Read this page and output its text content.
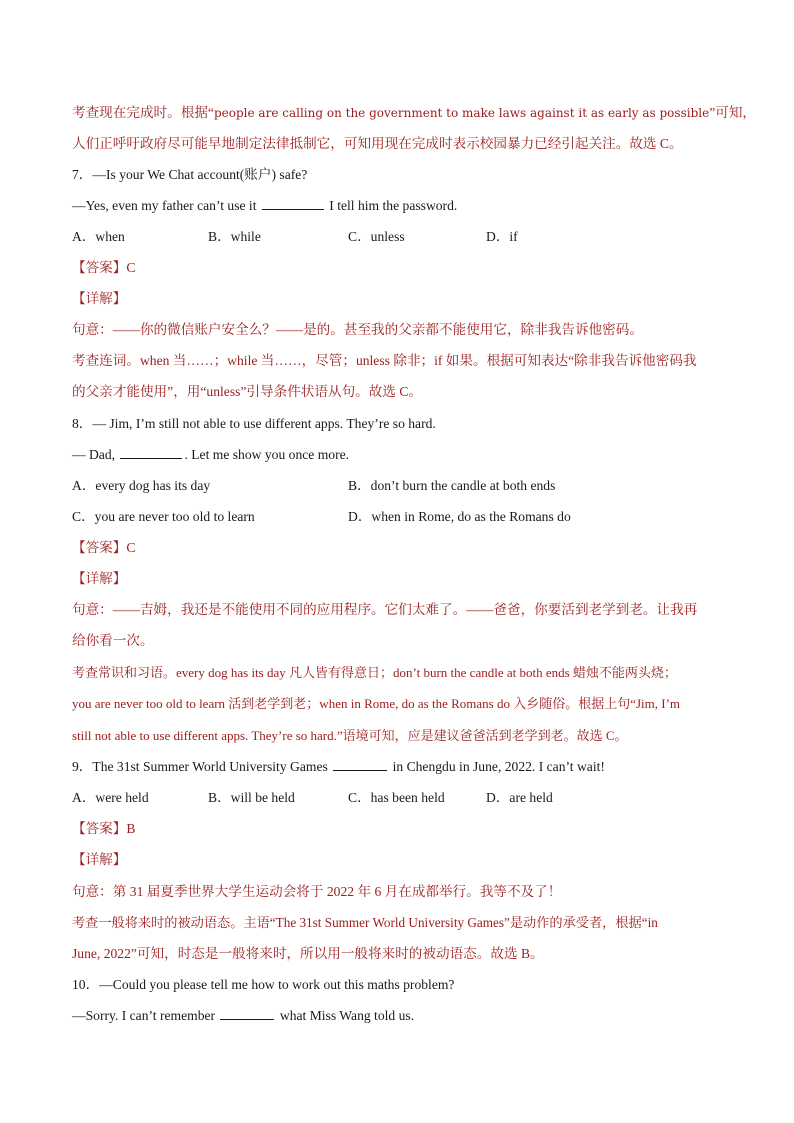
考查现在完成时。根据“people are calling on the government to make laws against it as early as possible”可知，
人们正呼吁政府尽可能早地制定法律抵制它，可知用现在完成时表示校园暴力已经引起关注。故选 C。
7．—Is your We Chat account(账户) safe?
—Yes, even my father can’t use it	I tell him the password.
A．when	B．while	C．unless	D．if
【答案】C
【详解】
句意：——你的微信账户安全么？——是的。甚至我的父亲都不能使用它，除非我告诉他密码。
考查连词。when 当……；while 当……，尽管；unless 除非；if 如果。根据可知表达“除非我告诉他密码我
的父亲才能使用”，用“unless”引导条件状语从句。故选 C。
8．— Jim, I’m still not able to use different apps. They’re so hard.
— Dad,	. Let me show you once more.
A．every dog has its day	B．don’t burn the candle at both ends
C．you are never too old to learn	D．when in Rome, do as the Romans do
【答案】C
【详解】
句意：——吉姆，我还是不能使用不同的应用程序。它们太难了。——爸爸，你要活到老学到老。让我再
给你看一次。
考查常识和习语。every dog has its day 凡人皆有得意日；don’t burn the candle at both ends 蜡烛不能两头烧；
you are never too old to learn 活到老学到老；when in Rome, do as the Romans do 入乡随俗。根据上句“Jim, I’m
still not able to use different apps. They’re so hard.”语境可知，应是建议爸爸活到老学到老。故选 C。
9．The 31st Summer World University Games	in Chengdu in June, 2022. I can’t wait!
A．were held	B．will be held	C．has been held	D．are held
【答案】B
【详解】
句意：第 31 届夏季世界大学生运动会将于 2022 年 6 月在成都举行。我等不及了！
考查一般将来时的被动语态。主语“The 31st Summer World University Games”是动作的承受者，根据“in
June, 2022”可知，时态是一般将来时，所以用一般将来时的被动语态。故选 B。
10．—Could you please tell me how to work out this maths problem?
—Sorry. I can’t remember	what Miss Wang told us.
